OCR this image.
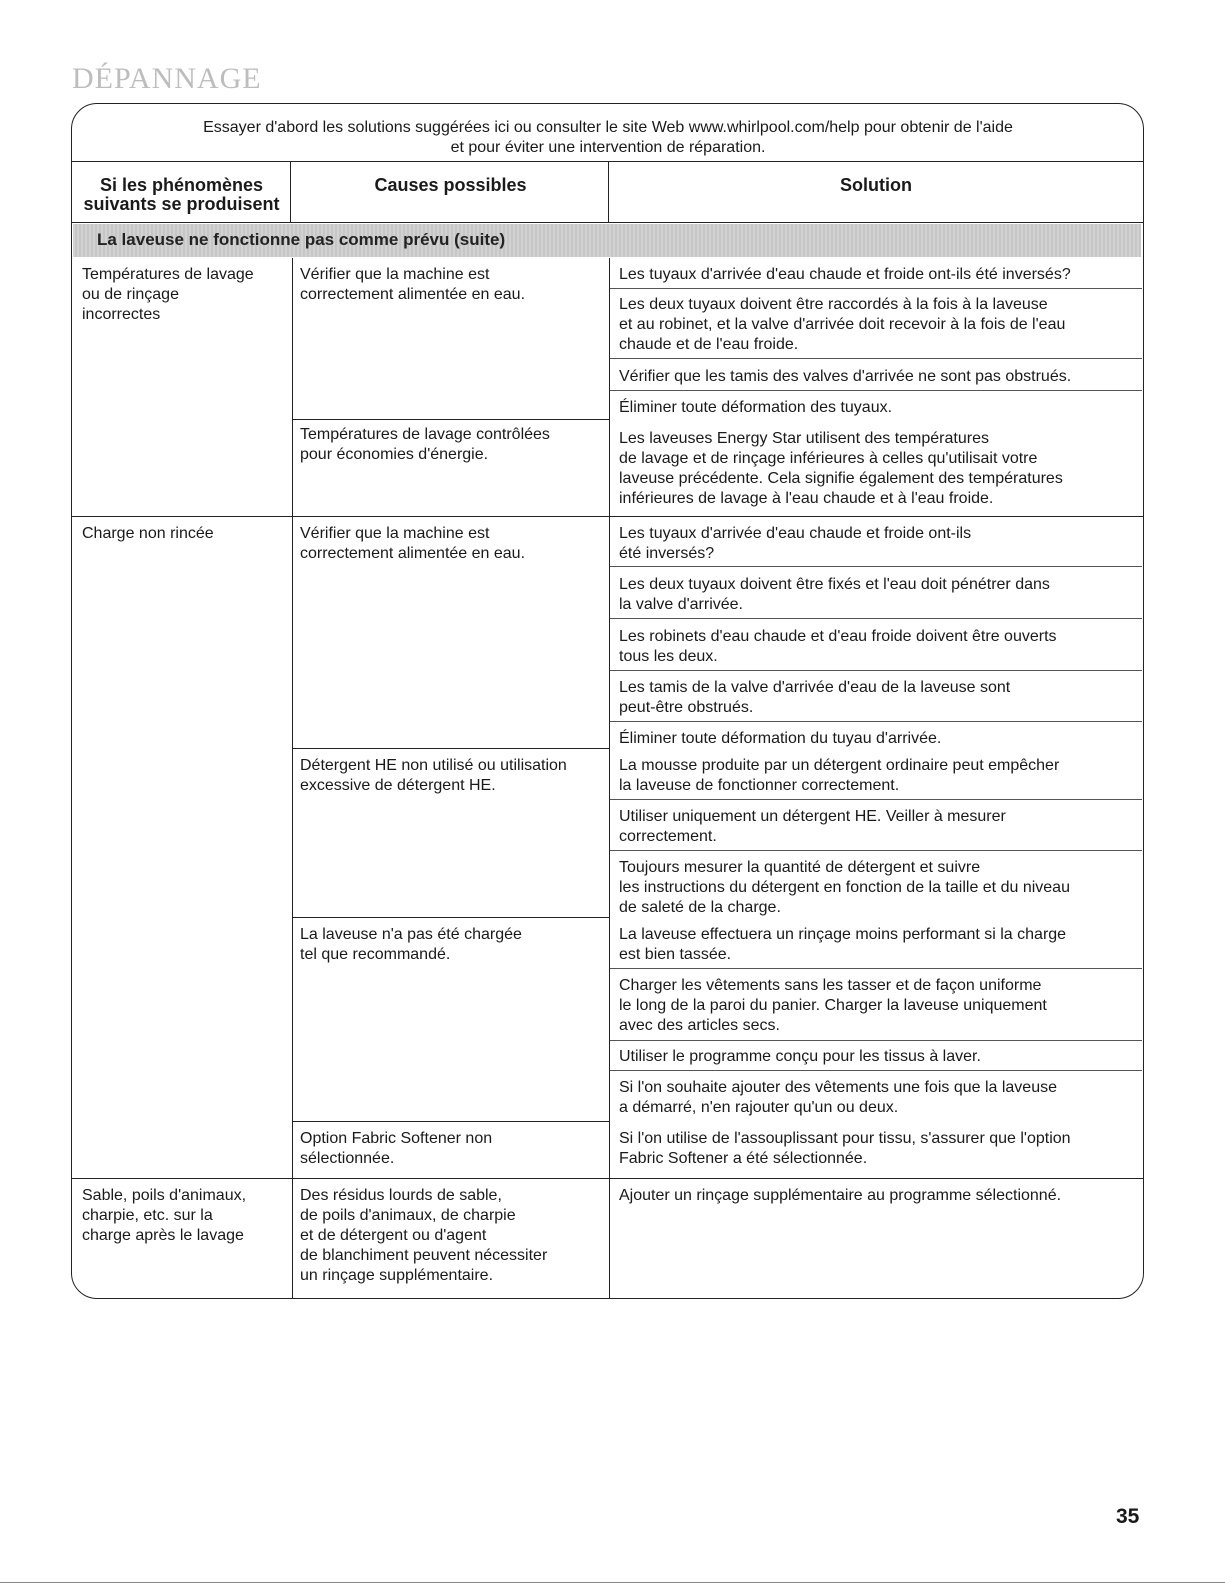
DÉPANNAGE
Essayer d'abord les solutions suggérées ici ou consulter le site Web www.whirlpool.com/help pour obtenir de l'aide
et pour éviter une intervention de réparation.
Si les phénomènes
suivants se produisent
Causes possibles	Solution
La laveuse ne fonctionne pas comme prévu (suite)
Températures de lavage
ou de rinçage
incorrectes
Vérifier que la machine est
correctement alimentée en eau.
Les tuyaux d'arrivée d'eau chaude et froide ont-ils été inversés?
Les deux tuyaux doivent être raccordés à la fois à la laveuse
et au robinet, et la valve d'arrivée doit recevoir à la fois de l'eau
chaude et de l'eau froide.
Vérifier que les tamis des valves d'arrivée ne sont pas obstrués.
Éliminer toute déformation des tuyaux.
Températures de lavage contrôlées
pour économies d'énergie.
Les laveuses Energy Star utilisent des températures
de lavage et de rinçage inférieures à celles qu'utilisait votre
laveuse précédente. Cela signifie également des températures
inférieures de lavage à l'eau chaude et à l'eau froide.
Charge non rincée	Vérifier que la machine est
correctement alimentée en eau.
Les tuyaux d'arrivée d'eau chaude et froide ont-ils
été inversés?
Les deux tuyaux doivent être fixés et l'eau doit pénétrer dans
la valve d'arrivée.
Les robinets d'eau chaude et d'eau froide doivent être ouverts
tous les deux.
Les tamis de la valve d'arrivée d'eau de la laveuse sont
peut-être obstrués.
Éliminer toute déformation du tuyau d'arrivée.
Détergent HE non utilisé ou utilisation
excessive de détergent HE.
La mousse produite par un détergent ordinaire peut empêcher
la laveuse de fonctionner correctement.
Utiliser uniquement un détergent HE. Veiller à mesurer
correctement.
Toujours mesurer la quantité de détergent et suivre
les instructions du détergent en fonction de la taille et du niveau
de saleté de la charge.
La laveuse n'a pas été chargée
tel que recommandé.
La laveuse effectuera un rinçage moins performant si la charge
est bien tassée.
Charger les vêtements sans les tasser et de façon uniforme
le long de la paroi du panier. Charger la laveuse uniquement
avec des articles secs.
Utiliser le programme conçu pour les tissus à laver.
Si l'on souhaite ajouter des vêtements une fois que la laveuse
a démarré, n'en rajouter qu'un ou deux.
Option Fabric Softener non
sélectionnée.
Si l'on utilise de l'assouplissant pour tissu, s'assurer que l'option
Fabric Softener a été sélectionnée.
Sable, poils d'animaux,
charpie, etc. sur la
charge après le lavage
Des résidus lourds de sable,
de poils d'animaux, de charpie
et de détergent ou d'agent
de blanchiment peuvent nécessiter
un rinçage supplémentaire.
Ajouter un rinçage supplémentaire au programme sélectionné.
35
